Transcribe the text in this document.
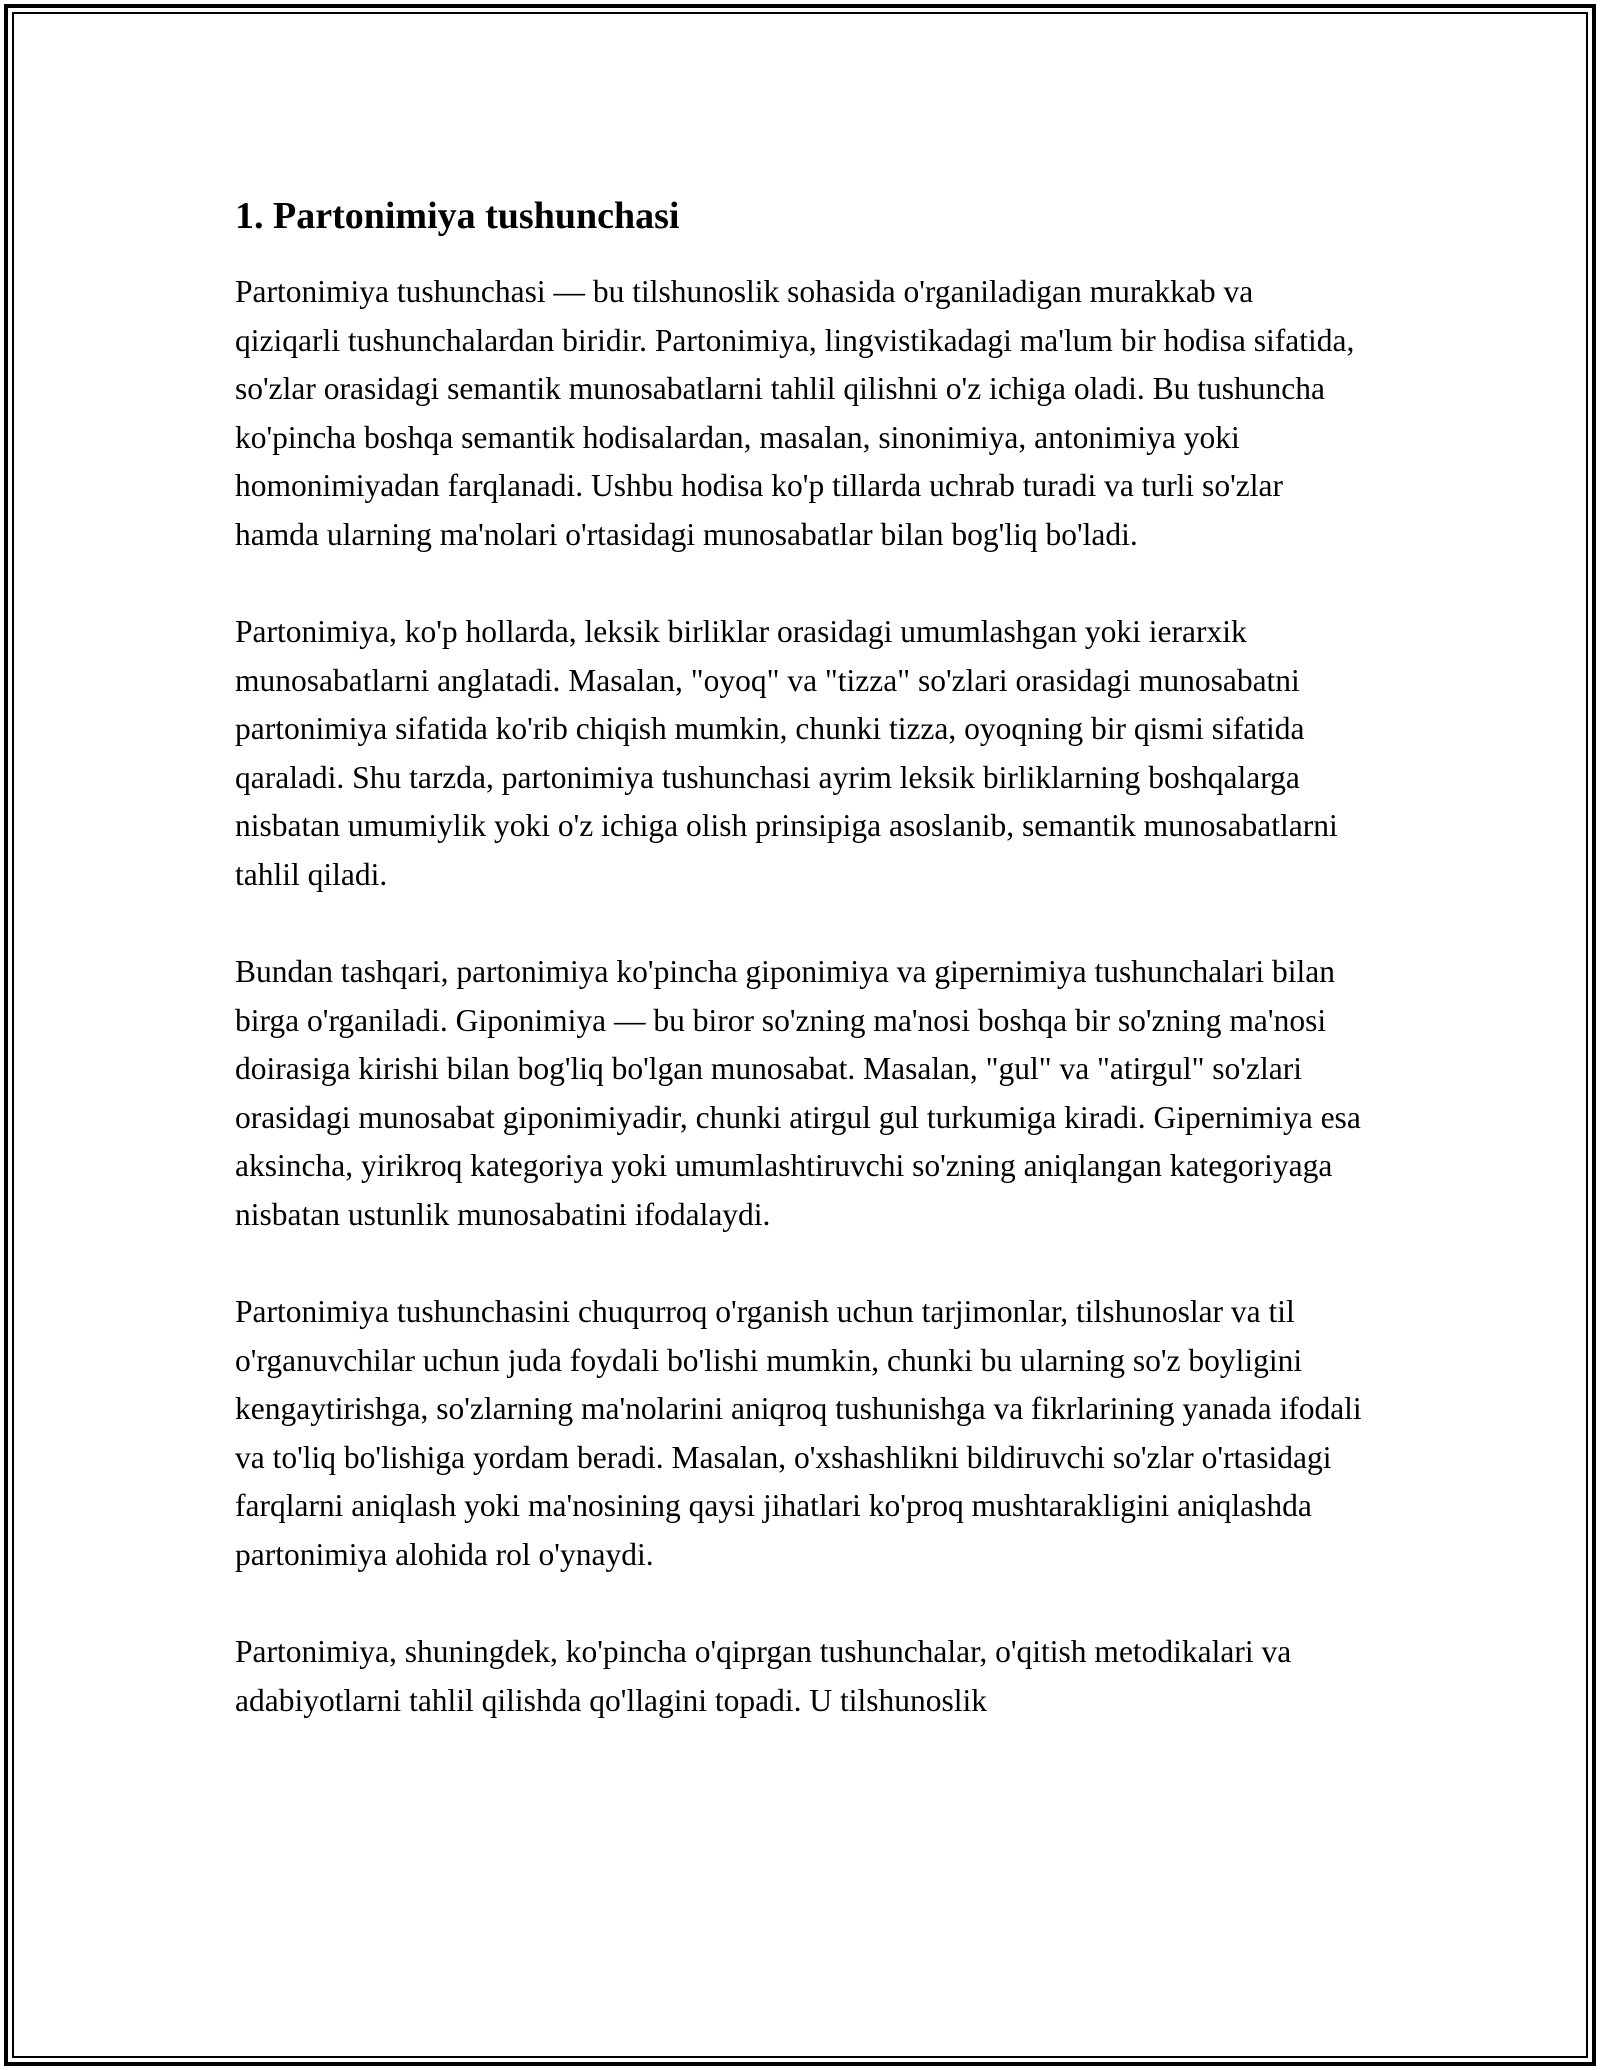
1. Partonimiya tushunchasi

Partonimiya tushunchasi — bu tilshunoslik sohasida o'rganiladigan murakkab va qiziqarli tushunchalardan biridir. Partonimiya, lingvistikadagi ma'lum bir hodisa sifatida, so'zlar orasidagi semantik munosabatlarni tahlil qilishni o'z ichiga oladi. Bu tushuncha ko'pincha boshqa semantik hodisalardan, masalan, sinonimiya, antonimiya yoki homonimiyadan farqlanadi. Ushbu hodisa ko'p tillarda uchrab turadi va turli so'zlar hamda ularning ma'nolari o'rtasidagi munosabatlar bilan bog'liq bo'ladi.

Partonimiya, ko'p hollarda, leksik birliklar orasidagi umumlashgan yoki ierarxik munosabatlarni anglatadi. Masalan, "oyoq" va "tizza" so'zlari orasidagi munosabatni partonimiya sifatida ko'rib chiqish mumkin, chunki tizza, oyoqning bir qismi sifatida qaraladi. Shu tarzda, partonimiya tushunchasi ayrim leksik birliklarning boshqalarga nisbatan umumiylik yoki o'z ichiga olish prinsipiga asoslanib, semantik munosabatlarni tahlil qiladi.

Bundan tashqari, partonimiya ko'pincha giponimiya va gipernimiya tushunchalari bilan birga o'rganiladi. Giponimiya — bu biror so'zning ma'nosi boshqa bir so'zning ma'nosi doirasiga kirishi bilan bog'liq bo'lgan munosabat. Masalan, "gul" va "atirgul" so'zlari orasidagi munosabat giponimiyadir, chunki atirgul gul turkumiga kiradi. Gipernimiya esa aksincha, yirikroq kategoriya yoki umumlashtiruvchi so'zning aniqlangan kategoriyaga nisbatan ustunlik munosabatini ifodalaydi.

Partonimiya tushunchasini chuqurroq o'rganish uchun tarjimonlar, tilshunoslar va til o'rganuvchilar uchun juda foydali bo'lishi mumkin, chunki bu ularning so'z boyligini kengaytirishga, so'zlarning ma'nolarini aniqroq tushunishga va fikrlarining yanada ifodali va to'liq bo'lishiga yordam beradi. Masalan, o'xshashlikni bildiruvchi so'zlar o'rtasidagi farqlarni aniqlash yoki ma'nosining qaysi jihatlari ko'proq mushtarakligini aniqlashda partonimiya alohida rol o'ynaydi.

Partonimiya, shuningdek, ko'pincha o'qiprgan tushunchalar, o'qitish metodikalari va adabiyotlarni tahlil qilishda qo'llagini topadi. U tilshunoslik
